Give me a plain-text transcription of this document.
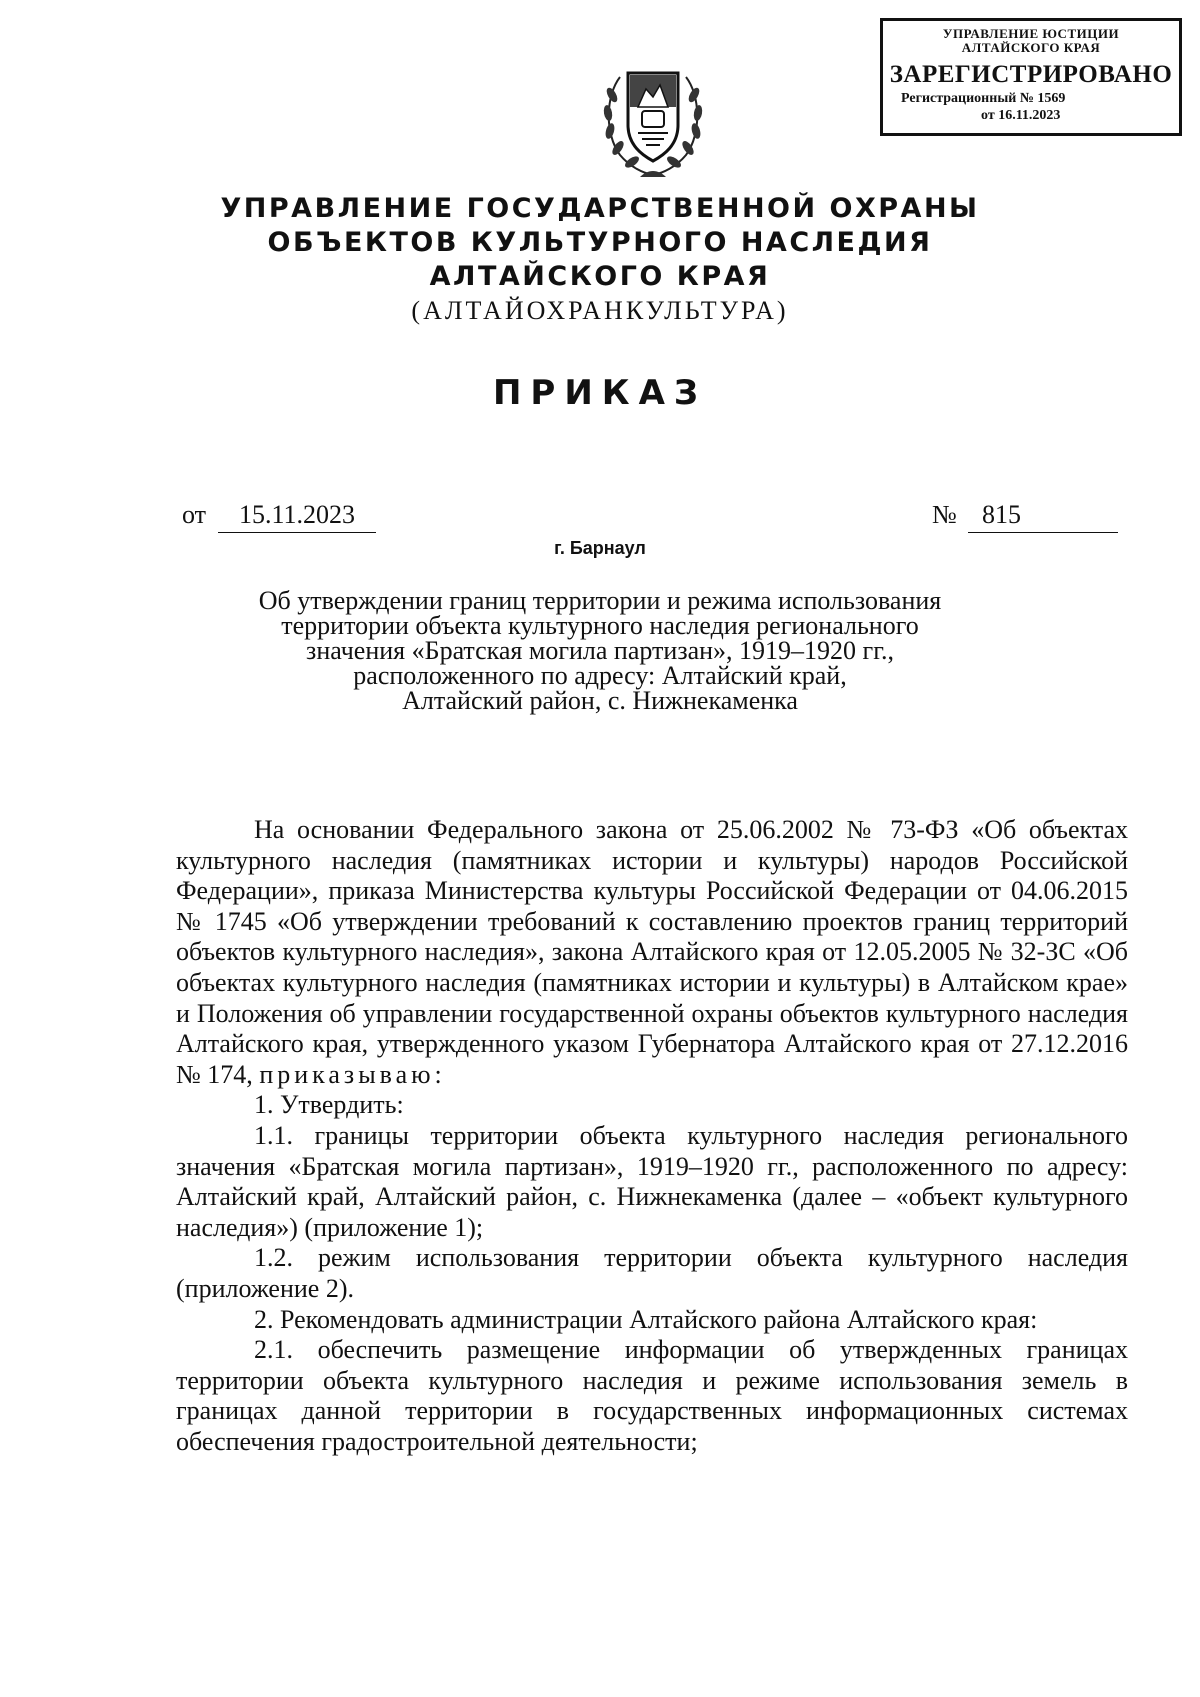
УПРАВЛЕНИЕ ЮСТИЦИИ
АЛТАЙСКОГО КРАЯ
ЗАРЕГИСТРИРОВАНО
Регистрационный № 1569
от 16.11.2023
УПРАВЛЕНИЕ ГОСУДАРСТВЕННОЙ ОХРАНЫ
ОБЪЕКТОВ КУЛЬТУРНОГО НАСЛЕДИЯ
АЛТАЙСКОГО КРАЯ
(АЛТАЙОХРАНКУЛЬТУРА)
ПРИКАЗ
от	15.11.2023	№ 815
г. Барнаул
Об утверждении границ территории и режима использования
территории объекта культурного наследия регионального
значения «Братская могила партизан», 1919–1920 гг.,
расположенного по адресу: Алтайский край,
Алтайский район, с. Нижнекаменка

На основании Федерального закона от 25.06.2002 № 73-ФЗ «Об объектах культурного наследия (памятниках истории и культуры) народов Российской Федерации», приказа Министерства культуры Российской Федерации от 04.06.2015 № 1745 «Об утверждении требований к составлению проектов границ территорий объектов культурного наследия», закона Алтайского края от 12.05.2005 № 32-ЗС «Об объектах культурного наследия (памятниках истории и культуры) в Алтайском крае» и Положения об управлении государственной охраны объектов культурного наследия Алтайского края, утвержденного указом Губернатора Алтайского края от 27.12.2016 № 174, приказываю:

1. Утвердить:

1.1. границы территории объекта культурного наследия регионального значения «Братская могила партизан», 1919–1920 гг., расположенного по адресу: Алтайский край, Алтайский район, с. Нижнекаменка (далее – «объект культурного наследия») (приложение 1);

1.2. режим использования территории объекта культурного наследия (приложение 2).

2. Рекомендовать администрации Алтайского района Алтайского края:

2.1. обеспечить размещение информации об утвержденных границах территории объекта культурного наследия и режиме использования земель в границах данной территории в государственных информационных системах обеспечения градостроительной деятельности;
